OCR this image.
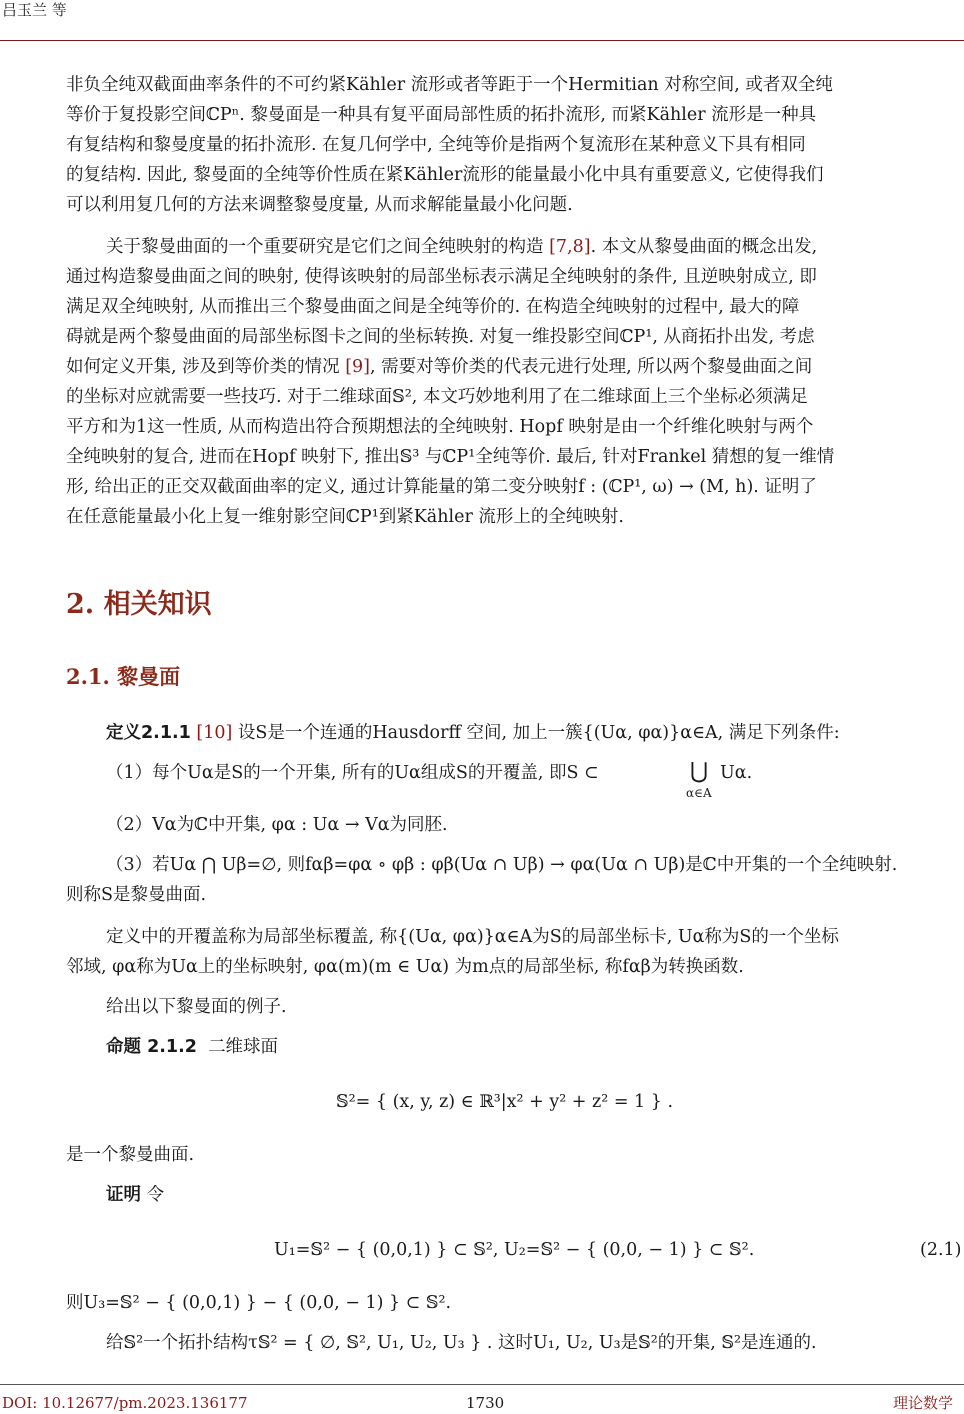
吕玉兰 等
非负全纯双截面曲率条件的不可约紧Kähler 流形或者等距于一个Hermitian 对称空间, 或者双全纯
等价于复投影空间ℂPⁿ. 黎曼面是一种具有复平面局部性质的拓扑流形, 而紧Kähler 流形是一种具
有复结构和黎曼度量的拓扑流形. 在复几何学中, 全纯等价是指两个复流形在某种意义下具有相同
的复结构. 因此, 黎曼面的全纯等价性质在紧Kähler流形的能量最小化中具有重要意义, 它使得我们
可以利用复几何的方法来调整黎曼度量, 从而求解能量最小化问题.
关于黎曼曲面的一个重要研究是它们之间全纯映射的构造 [7,8]. 本文从黎曼曲面的概念出发,
通过构造黎曼曲面之间的映射, 使得该映射的局部坐标表示满足全纯映射的条件, 且逆映射成立, 即
满足双全纯映射, 从而推出三个黎曼曲面之间是全纯等价的. 在构造全纯映射的过程中, 最大的障
碍就是两个黎曼曲面的局部坐标图卡之间的坐标转换. 对复一维投影空间ℂP¹, 从商拓扑出发, 考虑
如何定义开集, 涉及到等价类的情况 [9], 需要对等价类的代表元进行处理, 所以两个黎曼曲面之间
的坐标对应就需要一些技巧. 对于二维球面𝕊², 本文巧妙地利用了在二维球面上三个坐标必须满足
平方和为1这一性质, 从而构造出符合预期想法的全纯映射. Hopf 映射是由一个纤维化映射与两个
全纯映射的复合, 进而在Hopf 映射下, 推出𝕊³ 与ℂP¹全纯等价. 最后, 针对Frankel 猜想的复一维情
形, 给出正的正交双截面曲率的定义, 通过计算能量的第二变分映射f : (ℂP¹, ω) → (M, h). 证明了
在任意能量最小化上复一维射影空间ℂP¹到紧Kähler 流形上的全纯映射.
2. 相关知识
2.1. 黎曼面
定义2.1.1 [10] 设S是一个连通的Hausdorff 空间, 加上一簇{(Uα, φα)}α∈A, 满足下列条件:
（1）每个Uα是S的一个开集, 所有的Uα组成S的开覆盖, 即S ⊂	⋃
α∈A
Uα.
（2）Vα为ℂ中开集, φα : Uα → Vα为同胚.
（3）若Uα ⋂ Uβ=∅, 则fαβ=φα ∘ φβ : φβ(Uα ∩ Uβ) → φα(Uα ∩ Uβ)是ℂ中开集的一个全纯映射.
则称S是黎曼曲面.
定义中的开覆盖称为局部坐标覆盖, 称{(Uα, φα)}α∈A为S的局部坐标卡, Uα称为S的一个坐标
邻域, φα称为Uα上的坐标映射, φα(m)(m ∈ Uα) 为m点的局部坐标, 称fαβ为转换函数.
给出以下黎曼面的例子.
命题 2.1.2 二维球面
𝕊²= { (x, y, z) ∈ ℝ³|x² + y² + z² = 1 } .
是一个黎曼曲面.
证明 令
U₁=𝕊² − { (0,0,1) } ⊂ 𝕊², U₂=𝕊² − { (0,0, − 1) } ⊂ 𝕊².	(2.1)
则U₃=𝕊² − { (0,0,1) } − { (0,0, − 1) } ⊂ 𝕊².
给𝕊²一个拓扑结构τ𝕊² = { ∅, 𝕊², U₁, U₂, U₃ } . 这时U₁, U₂, U₃是𝕊²的开集, 𝕊²是连通的.
DOI: 10.12677/pm.2023.136177	1730	理论数学
